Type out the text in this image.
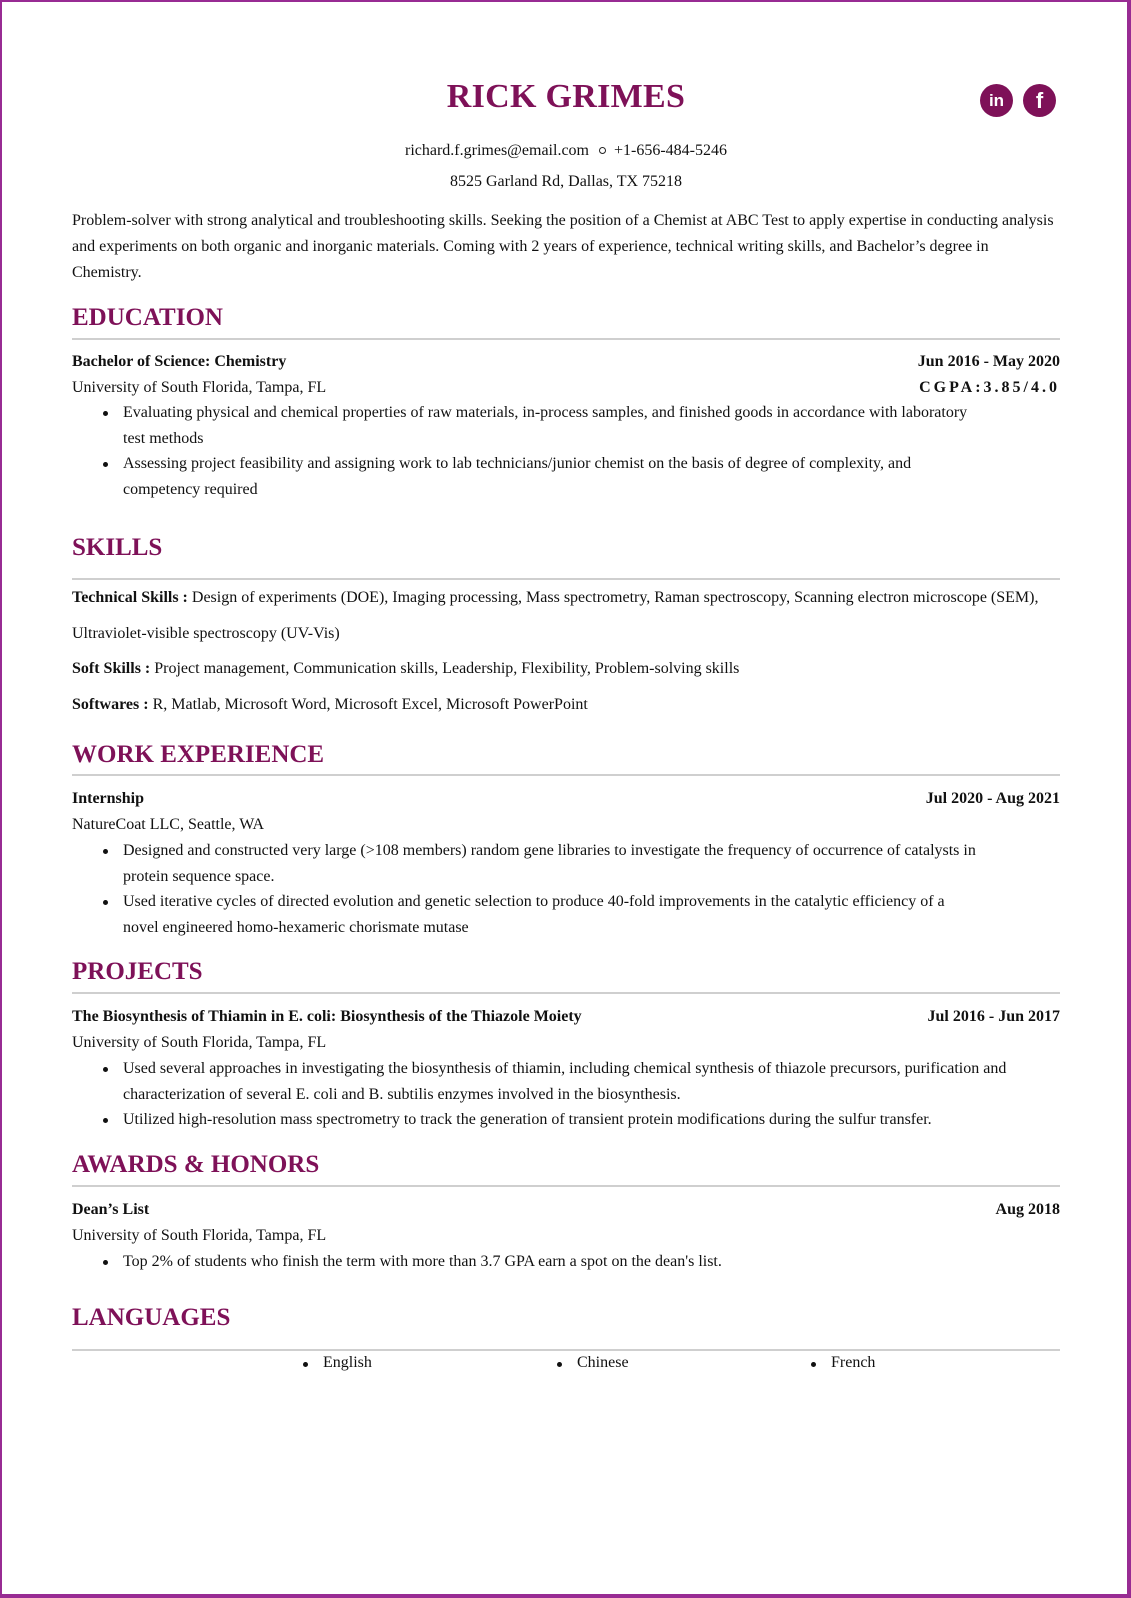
RICK GRIMES	in	f
richard.f.grimes@email.com +1-656-484-5246
8525 Garland Rd, Dallas, TX 75218
Problem-solver with strong analytical and troubleshooting skills. Seeking the position of a Chemist at ABC Test to apply expertise in conducting analysis and experiments on both organic and inorganic materials. Coming with 2 years of experience, technical writing skills, and Bachelor’s degree in Chemistry.
EDUCATION
Bachelor of Science: Chemistry	Jun 2016 - May 2020
University of South Florida, Tampa, FL	CGPA:3.85/4.0
Evaluating physical and chemical properties of raw materials, in-process samples, and finished goods in accordance with laboratory test methods
Assessing project feasibility and assigning work to lab technicians/junior chemist on the basis of degree of complexity, and competency required
SKILLS
Technical Skills : Design of experiments (DOE), Imaging processing, Mass spectrometry, Raman spectroscopy, Scanning electron microscope (SEM), Ultraviolet-visible spectroscopy (UV-Vis)
Soft Skills : Project management, Communication skills, Leadership, Flexibility, Problem-solving skills
Softwares : R, Matlab, Microsoft Word, Microsoft Excel, Microsoft PowerPoint
WORK EXPERIENCE
Internship	Jul 2020 - Aug 2021
NatureCoat LLC, Seattle, WA
Designed and constructed very large (>108 members) random gene libraries to investigate the frequency of occurrence of catalysts in protein sequence space.
Used iterative cycles of directed evolution and genetic selection to produce 40-fold improvements in the catalytic efficiency of a novel engineered homo-hexameric chorismate mutase
PROJECTS
The Biosynthesis of Thiamin in E. coli: Biosynthesis of the Thiazole Moiety	Jul 2016 - Jun 2017
University of South Florida, Tampa, FL
Used several approaches in investigating the biosynthesis of thiamin, including chemical synthesis of thiazole precursors, purification and characterization of several E. coli and B. subtilis enzymes involved in the biosynthesis.
Utilized high-resolution mass spectrometry to track the generation of transient protein modifications during the sulfur transfer.
AWARDS & HONORS
Dean’s List	Aug 2018
University of South Florida, Tampa, FL
Top 2% of students who finish the term with more than 3.7 GPA earn a spot on the dean's list.
LANGUAGES
English	Chinese	French
